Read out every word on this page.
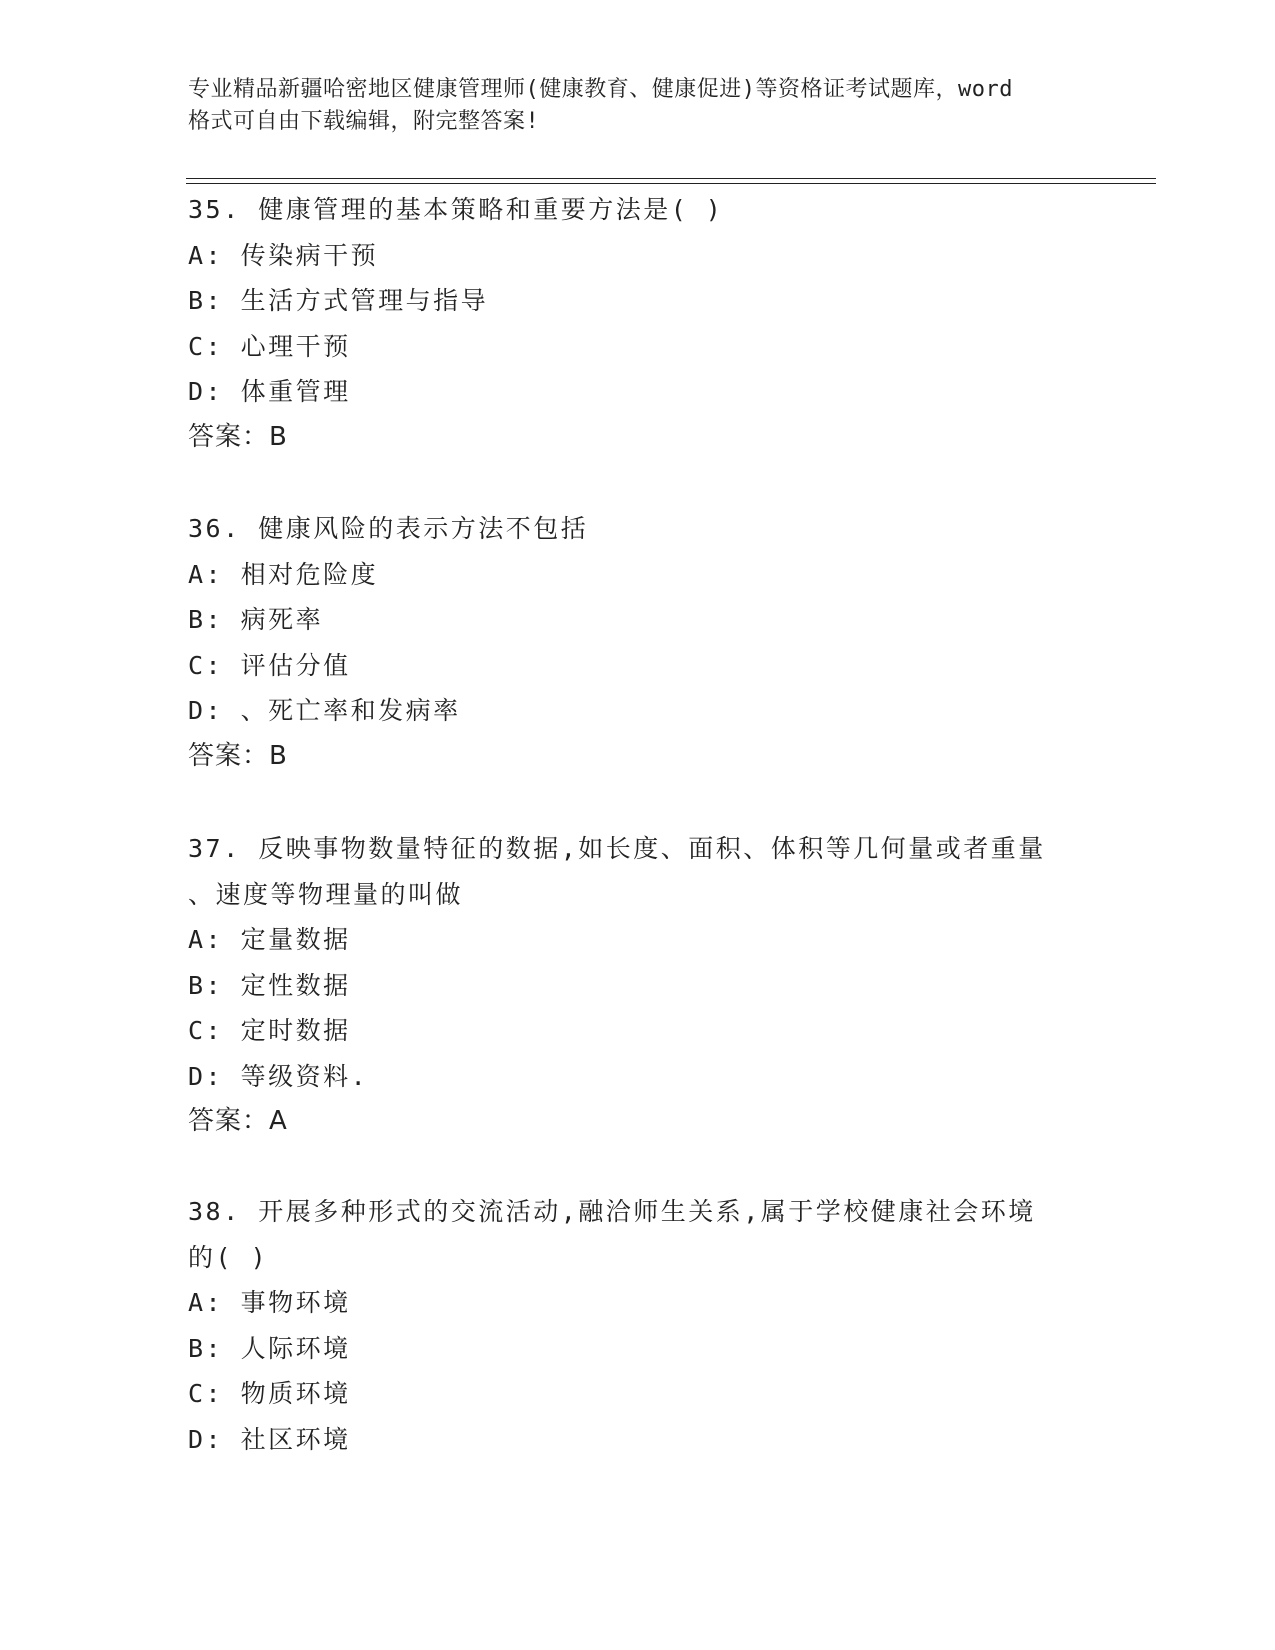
专业精品新疆哈密地区健康管理师(健康教育、健康促进)等资格证考试题库，word
格式可自由下载编辑，附完整答案!
35. 健康管理的基本策略和重要方法是( )
A: 传染病干预
B: 生活方式管理与指导
C: 心理干预
D: 体重管理
答案：B
36. 健康风险的表示方法不包括
A: 相对危险度
B: 病死率
C: 评估分值
D: 、死亡率和发病率
答案：B
37. 反映事物数量特征的数据,如长度、面积、体积等几何量或者重量
、速度等物理量的叫做
A: 定量数据
B: 定性数据
C: 定时数据
D: 等级资料.
答案：A
38. 开展多种形式的交流活动,融洽师生关系,属于学校健康社会环境
的( )
A: 事物环境
B: 人际环境
C: 物质环境
D: 社区环境
